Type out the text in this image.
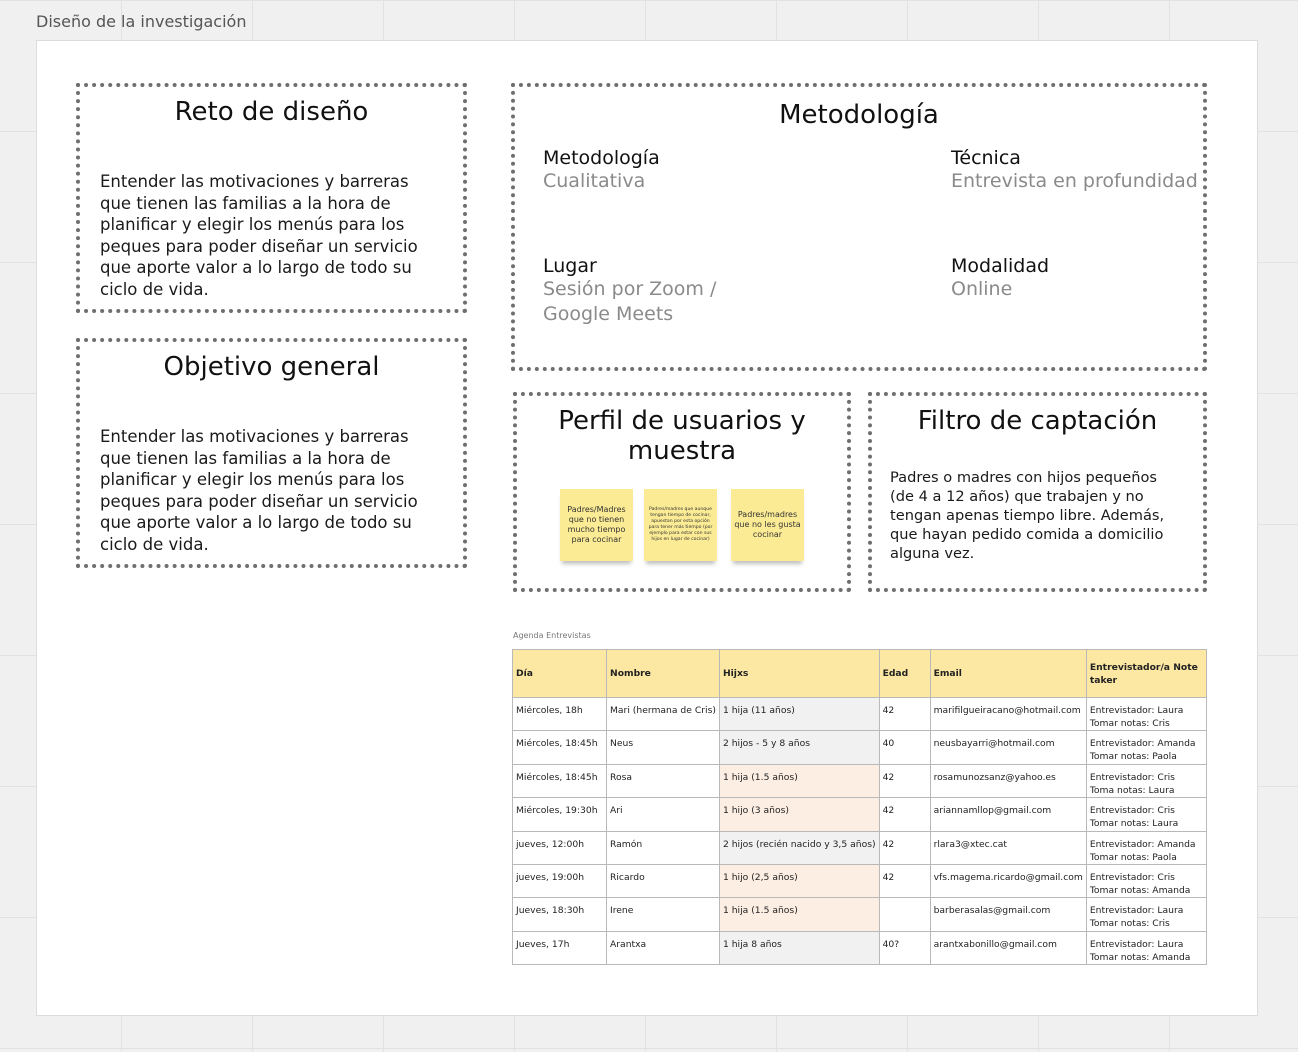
Diseño de la investigación
Reto de diseño

Entender las motivaciones y barreras que tienen las familias a la hora de planificar y elegir los menús para los peques para poder diseñar un servicio que aporte valor a lo largo de todo su ciclo de vida.

Objetivo general

Entender las motivaciones y barreras que tienen las familias a la hora de planificar y elegir los menús para los peques para poder diseñar un servicio que aporte valor a lo largo de todo su ciclo de vida.

Metodología
Metodología
Cualitativa
Técnica
Entrevista en profundidad
Lugar
Sesión por Zoom / Google Meets
Modalidad
Online
Perfil de usuarios y muestra
Padres/Madres que no tienen mucho tiempo para cocinar
Padres/madres que aunque tengan tiempo de cocinar, apuestan por esta opción para tener más tiempo (por ejemplo para estar con sus hijos en lugar de cocinar)
Padres/madres que no les gusta cocinar
Filtro de captación

Padres o madres con hijos pequeños (de 4 a 12 años) que trabajen y no tengan apenas tiempo libre. Además, que hayan pedido comida a domicilio alguna vez.

Agenda Entrevistas
Día	Nombre	Hijxs	Edad	Email	Entrevistador/a Note taker
Miércoles, 18h	Mari (hermana de Cris)	1 hija (11 años)	42	marifilgueiracano@hotmail.com	Entrevistador: Laura
Tomar notas: Cris

Miércoles, 18:45h	Neus	2 hijos - 5 y 8 años	40	neusbayarri@hotmail.com	Entrevistador: Amanda
Tomar notas: Paola

Miércoles, 18:45h	Rosa	1 hija (1.5 años)	42	rosamunozsanz@yahoo.es	Entrevistador: Cris
Toma notas: Laura

Miércoles, 19:30h	Ari	1 hijo (3 años)	42	ariannamllop@gmail.com	Entrevistador: Cris
Tomar notas: Laura

jueves, 12:00h	Ramón	2 hijos (recién nacido y 3,5 años)	42	rlara3@xtec.cat	Entrevistador: Amanda
Tomar notas: Paola

jueves, 19:00h	Ricardo	1 hijo (2,5 años)	42	vfs.magema.ricardo@gmail.com	Entrevistador: Cris
Tomar notas: Amanda

Jueves, 18:30h	Irene	1 hija (1.5 años)		barberasalas@gmail.com	Entrevistador: Laura
Tomar notas: Cris

Jueves, 17h	Arantxa	1 hija 8 años	40?	arantxabonillo@gmail.com	Entrevistador: Laura
Tomar notas: Amanda
